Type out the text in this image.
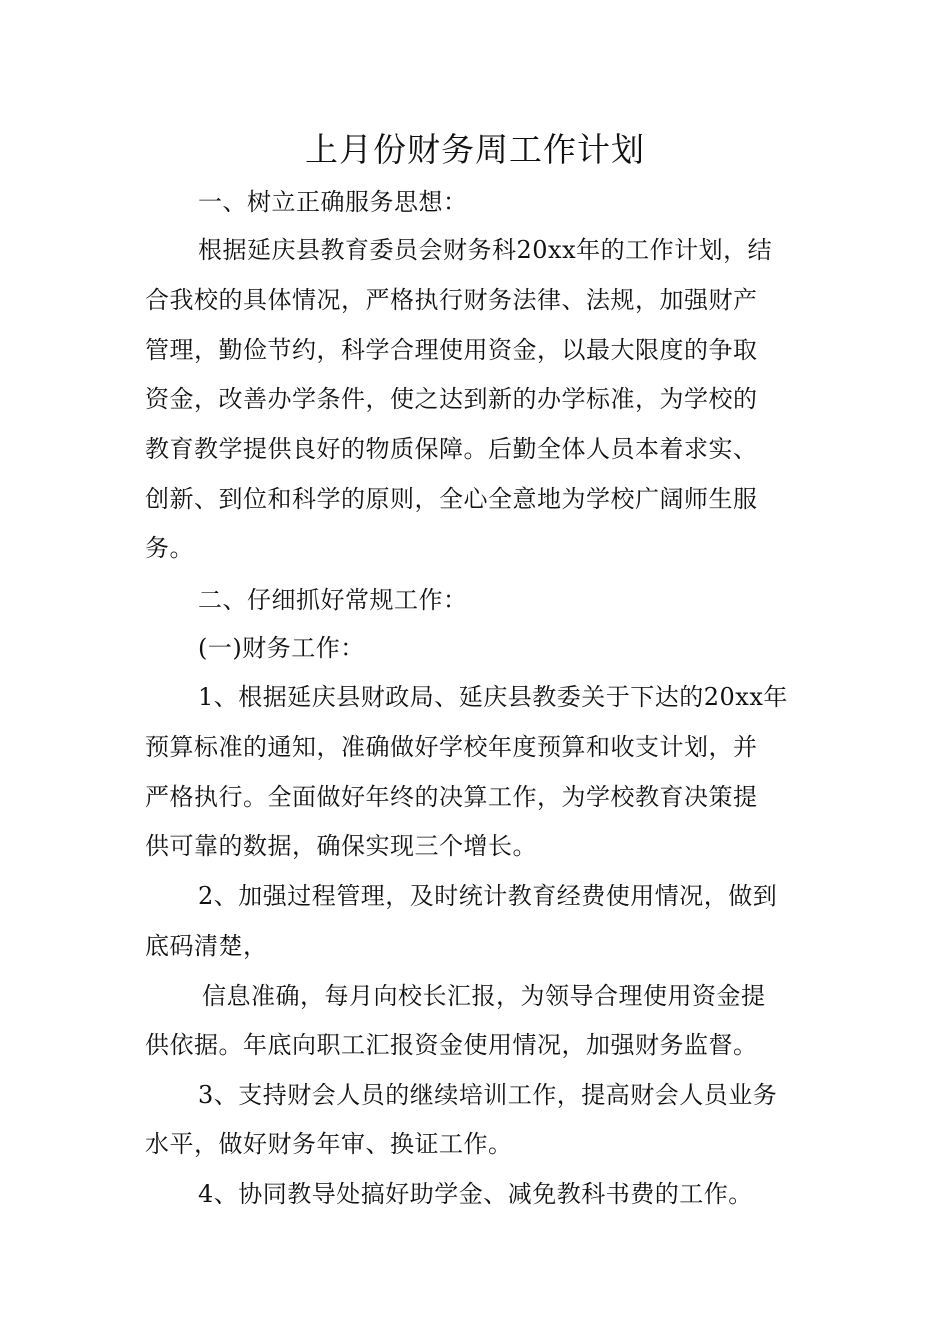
上月份财务周工作计划
一、树立正确服务思想：
根据延庆县教育委员会财务科20xx年的工作计划，结
合我校的具体情况，严格执行财务法律、法规，加强财产
管理，勤俭节约，科学合理使用资金，以最大限度的争取
资金，改善办学条件，使之达到新的办学标准，为学校的
教育教学提供良好的物质保障。后勤全体人员本着求实、
创新、到位和科学的原则，全心全意地为学校广阔师生服
务。
二、仔细抓好常规工作：
(一)财务工作：
1、根据延庆县财政局、延庆县教委关于下达的20xx年
预算标准的通知，准确做好学校年度预算和收支计划，并
严格执行。全面做好年终的决算工作，为学校教育决策提
供可靠的数据，确保实现三个增长。
2、加强过程管理，及时统计教育经费使用情况，做到
底码清楚，
信息准确，每月向校长汇报，为领导合理使用资金提
供依据。年底向职工汇报资金使用情况，加强财务监督。
3、支持财会人员的继续培训工作，提高财会人员业务
水平，做好财务年审、换证工作。
4、协同教导处搞好助学金、减免教科书费的工作。
